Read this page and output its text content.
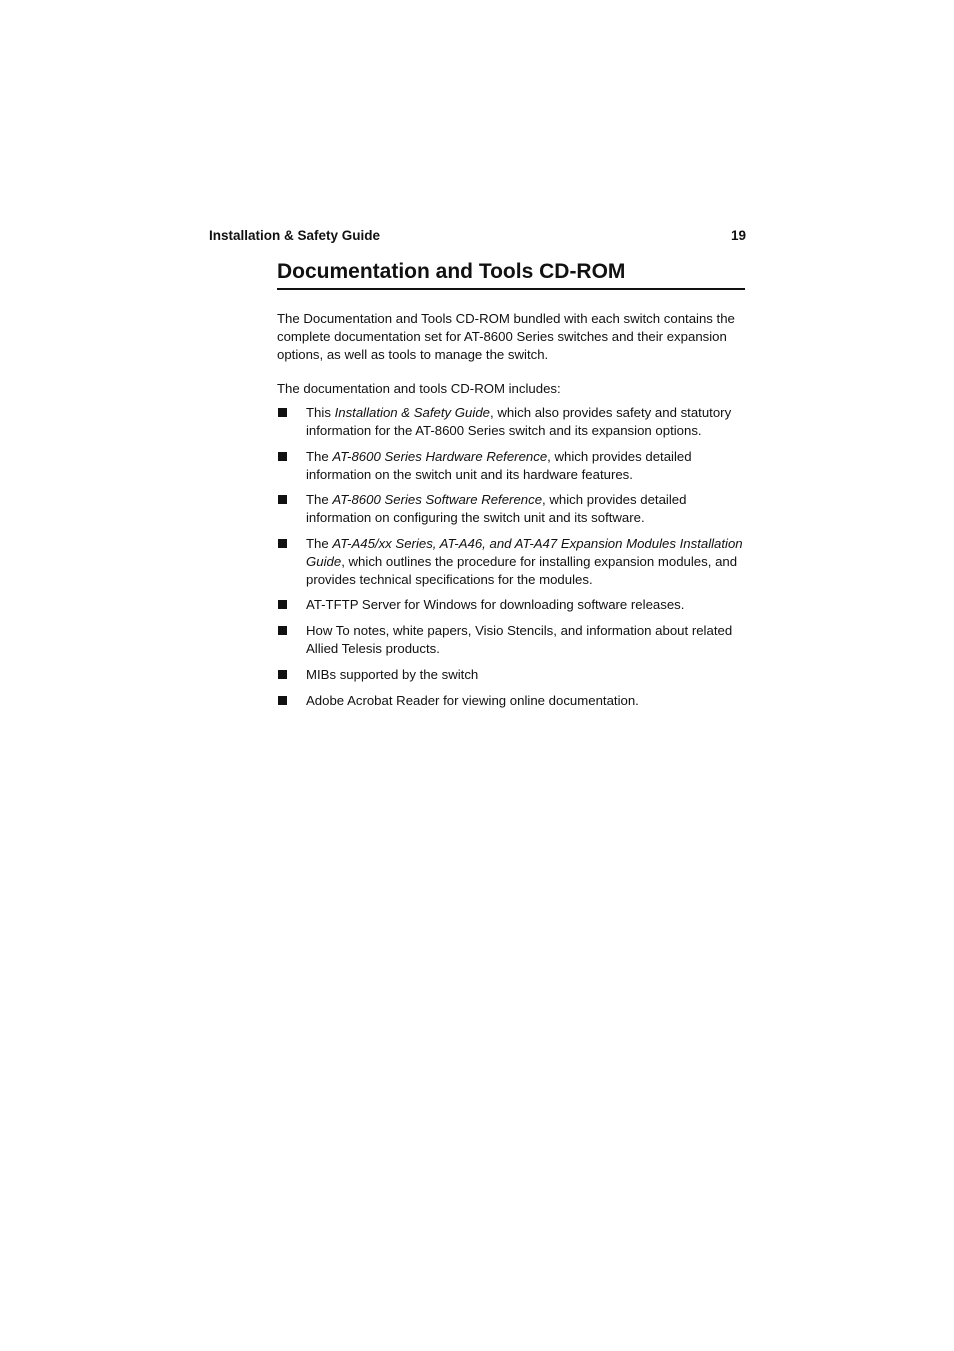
Installation & Safety Guide	19
Documentation and Tools CD-ROM

The Documentation and Tools CD-ROM bundled with each switch contains the complete documentation set for AT-8600 Series switches and their expansion options, as well as tools to manage the switch.

The documentation and tools CD-ROM includes:

This Installation & Safety Guide, which also provides safety and statutory information for the AT-8600 Series switch and its expansion options.
The AT-8600 Series Hardware Reference, which provides detailed information on the switch unit and its hardware features.
The AT-8600 Series Software Reference, which provides detailed information on configuring the switch unit and its software.
The AT-A45/xx Series, AT-A46, and AT-A47 Expansion Modules Installation Guide, which outlines the procedure for installing expansion modules, and provides technical specifications for the modules.
AT-TFTP Server for Windows for downloading software releases.
How To notes, white papers, Visio Stencils, and information about related Allied Telesis products.
MIBs supported by the switch
Adobe Acrobat Reader for viewing online documentation.
